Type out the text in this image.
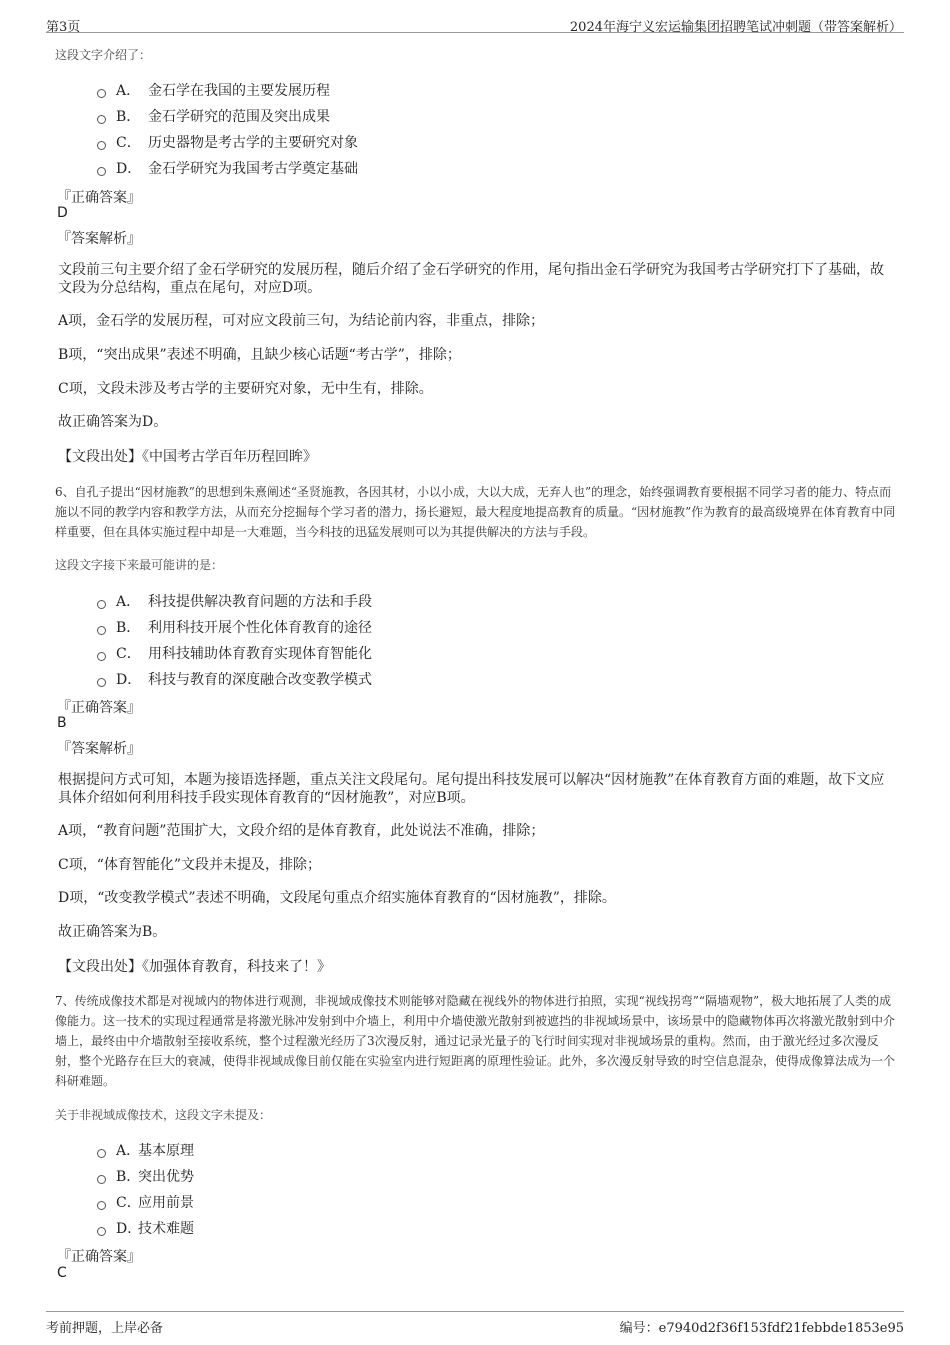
第3页	2024年海宁义宏运输集团招聘笔试冲刺题（带答案解析）
这段文字介绍了：
A． 金石学在我国的主要发展历程
B． 金石学研究的范围及突出成果
C． 历史器物是考古学的主要研究对象
D． 金石学研究为我国考古学奠定基础
『正确答案』
D
『答案解析』
文段前三句主要介绍了金石学研究的发展历程，随后介绍了金石学研究的作用，尾句指出金石学研究为我国考古学研究打下了基础，故文段为分总结构，重点在尾句，对应D项。
A项，金石学的发展历程，可对应文段前三句，为结论前内容，非重点，排除；
B项，“突出成果”表述不明确，且缺少核心话题“考古学”，排除；
C项，文段未涉及考古学的主要研究对象，无中生有，排除。
故正确答案为D。
【文段出处】《中国考古学百年历程回眸》
6、自孔子提出“因材施教”的思想到朱熹阐述“圣贤施教，各因其材，小以小成，大以大成，无弃人也”的理念，始终强调教育要根据不同学习者的能力、特点而施以不同的教学内容和教学方法，从而充分挖掘每个学习者的潜力，扬长避短，最大程度地提高教育的质量。“因材施教”作为教育的最高级境界在体育教育中同样重要，但在具体实施过程中却是一大难题，当今科技的迅猛发展则可以为其提供解决的方法与手段。
这段文字接下来最可能讲的是：
A． 科技提供解决教育问题的方法和手段
B． 利用科技开展个性化体育教育的途径
C． 用科技辅助体育教育实现体育智能化
D． 科技与教育的深度融合改变教学模式
『正确答案』
B
『答案解析』
根据提问方式可知，本题为接语选择题，重点关注文段尾句。尾句提出科技发展可以解决“因材施教”在体育教育方面的难题，故下文应具体介绍如何利用科技手段实现体育教育的“因材施教”，对应B项。
A项，“教育问题”范围扩大，文段介绍的是体育教育，此处说法不准确，排除；
C项，“体育智能化”文段并未提及，排除；
D项，“改变教学模式”表述不明确，文段尾句重点介绍实施体育教育的“因材施教”，排除。
故正确答案为B。
【文段出处】《加强体育教育，科技来了！》
7、传统成像技术都是对视域内的物体进行观测，非视域成像技术则能够对隐藏在视线外的物体进行拍照，实现“视线拐弯”“隔墙观物”，极大地拓展了人类的成像能力。这一技术的实现过程通常是将激光脉冲发射到中介墙上，利用中介墙使激光散射到被遮挡的非视域场景中，该场景中的隐藏物体再次将激光散射到中介墙上，最终由中介墙散射至接收系统，整个过程激光经历了3次漫反射，通过记录光量子的飞行时间实现对非视域场景的重构。然而，由于激光经过多次漫反射，整个光路存在巨大的衰减，使得非视域成像目前仅能在实验室内进行短距离的原理性验证。此外，多次漫反射导致的时空信息混杂，使得成像算法成为一个科研难题。
关于非视域成像技术，这段文字未提及：
A．
基本原理
B．
突出优势
C．
应用前景
D．
技术难题
『正确答案』
C
考前押题，上岸必备	编号：e7940d2f36f153fdf21febbde1853e95
